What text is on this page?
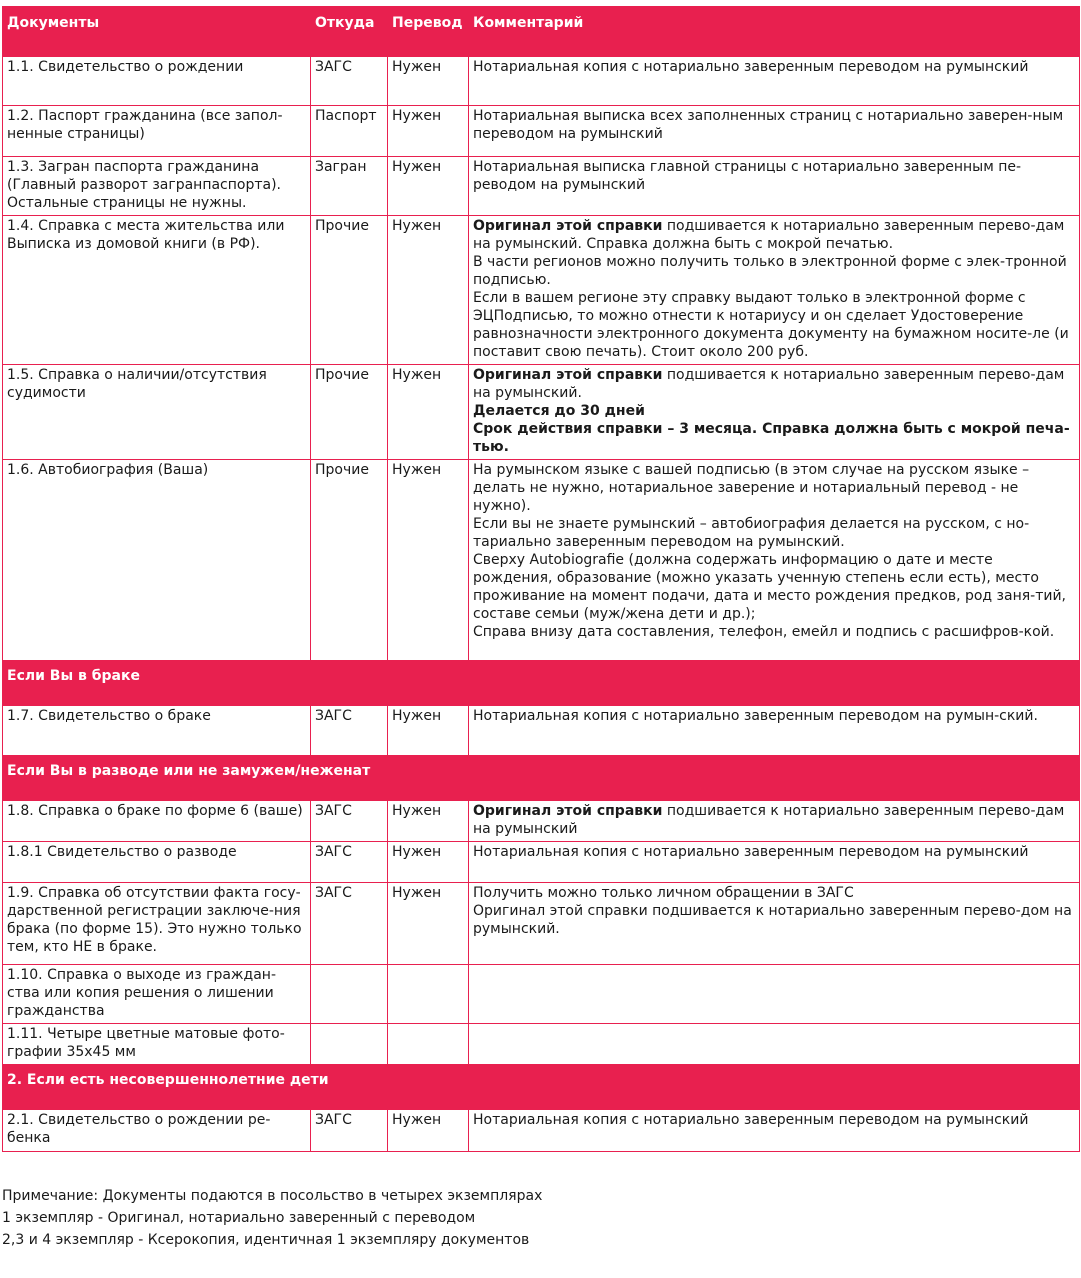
Документы	Откуда	Перевод	Комментарий
1.1. Свидетельство о рождении	ЗАГС	Нужен	Нотариальная копия с нотариально заверенным переводом на румынский

1.2. Паспорт гражданина (все запол-ненные страницы)	Паспорт	Нужен	Нотариальная выписка всех заполненных страниц с нотариально заверен-ным переводом на румынский

1.3. Загран паспорта гражданина (Главный разворот загранпаспорта). Остальные страницы не нужны.	Загран	Нужен	Нотариальная выписка главной страницы с нотариально заверенным пе-реводом на румынский

1.4. Справка с места жительства или Выписка из домовой книги (в РФ).	Прочие	Нужен	Оригинал этой справки подшивается к нотариально заверенным перево-дам на румынский. Справка должна быть с мокрой печатью.
В части регионов можно получить только в электронной форме с элек-тронной подписью.
Если в вашем регионе эту справку выдают только в электронной форме с ЭЦПодписью, то можно отнести к нотариусу и он сделает Удостоверение равнозначности электронного документа документу на бумажном носите-ле (и поставит свою печать). Стоит около 200 руб.

1.5. Справка о наличии/отсутствия судимости	Прочие	Нужен	Оригинал этой справки подшивается к нотариально заверенным перево-дам на румынский.
Делается до 30 дней
Срок действия справки – 3 месяца. Справка должна быть с мокрой печа-тью.

1.6. Автобиография (Ваша)	Прочие	Нужен	На румынском языке с вашей подписью (в этом случае на русском языке – делать не нужно, нотариальное заверение и нотариальный перевод - не нужно).
Если вы не знаете румынский – автобиография делается на русском, с но-тариально заверенным переводом на румынский.
Сверху Autobiografie (должна содержать информацию о дате и месте рождения, образование (можно указать ученную степень если есть), место проживание на момент подачи, дата и место рождения предков, род заня-тий, составе семьи (муж/жена дети и др.);
Справа внизу дата составления, телефон, емейл и подпись с расшифров-кой.

Если Вы в браке			
1.7. Свидетельство о браке	ЗАГС	Нужен	Нотариальная копия с нотариально заверенным переводом на румын-ский.

Если Вы в разводе или не замужем/неженат			
1.8. Справка о браке по форме 6 (ваше)	ЗАГС	Нужен	Оригинал этой справки подшивается к нотариально заверенным перево-дам на румынский

1.8.1 Свидетельство о разводе	ЗАГС	Нужен	Нотариальная копия с нотариально заверенным переводом на румынский

1.9. Справка об отсутствии факта госу-дарственной регистрации заключе-ния брака (по форме 15). Это нужно только тем, кто НЕ в браке.	ЗАГС	Нужен	Получить можно только личном обращении в ЗАГС
Оригинал этой справки подшивается к нотариально заверенным перево-дом на румынский.

1.10. Справка о выходе из граждан-ства или копия решения о лишении гражданства			
1.11. Четыре цветные матовые фото-графии 35х45 мм			
2. Если есть несовершеннолетние дети			
2.1. Свидетельство о рождении ре-бенка	ЗАГС	Нужен	Нотариальная копия с нотариально заверенным переводом на румынский
Примечание: Документы подаются в посольство в четырех экземплярах
1 экземпляр - Оригинал, нотариально заверенный с переводом
2,3 и 4 экземпляр - Ксерокопия, идентичная 1 экземпляру документов
